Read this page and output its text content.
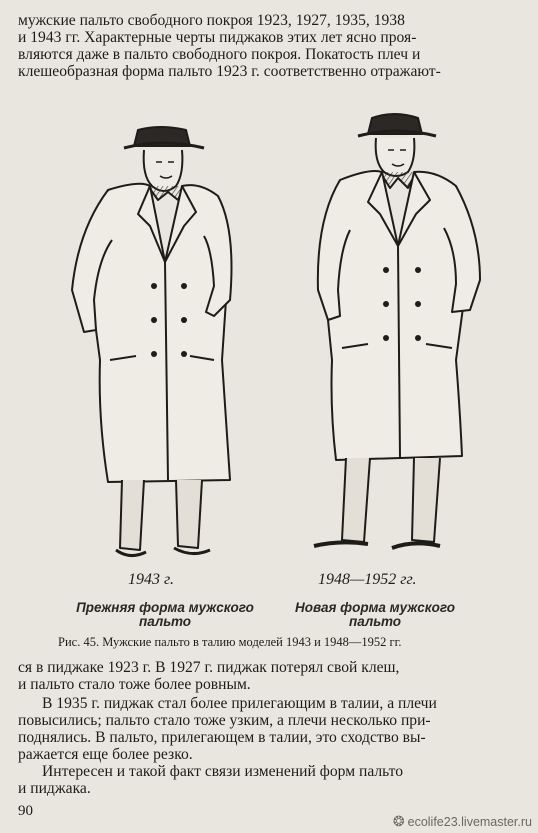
мужские пальто свободного покроя 1923, 1927, 1935, 1938
и 1943 гг. Характерные черты пиджаков этих лет ясно проя-
вляются даже в пальто свободного покроя. Покатость плеч и
клешеобразная форма пальто 1923 г. соответственно отражают-

1943 г.	1948—1952 гг.
Прежняя форма мужского
пальто
Новая форма мужского
пальто
Рис. 45. Мужские пальто в талию моделей 1943 и 1948—1952 гг.

ся в пиджаке 1923 г. В 1927 г. пиджак потерял свой клеш,
и пальто стало тоже более ровным.

В 1935 г. пиджак стал более прилегающим в талии, а плечи
повысились; пальто стало тоже узким, а плечи несколько при-
поднялись. В пальто, прилегающем в талии, это сходство вы-
ражается еще более резко.

Интересен и такой факт связи изменений форм пальто
и пиджака.

90
❂ ecolife23.livemaster.ru
